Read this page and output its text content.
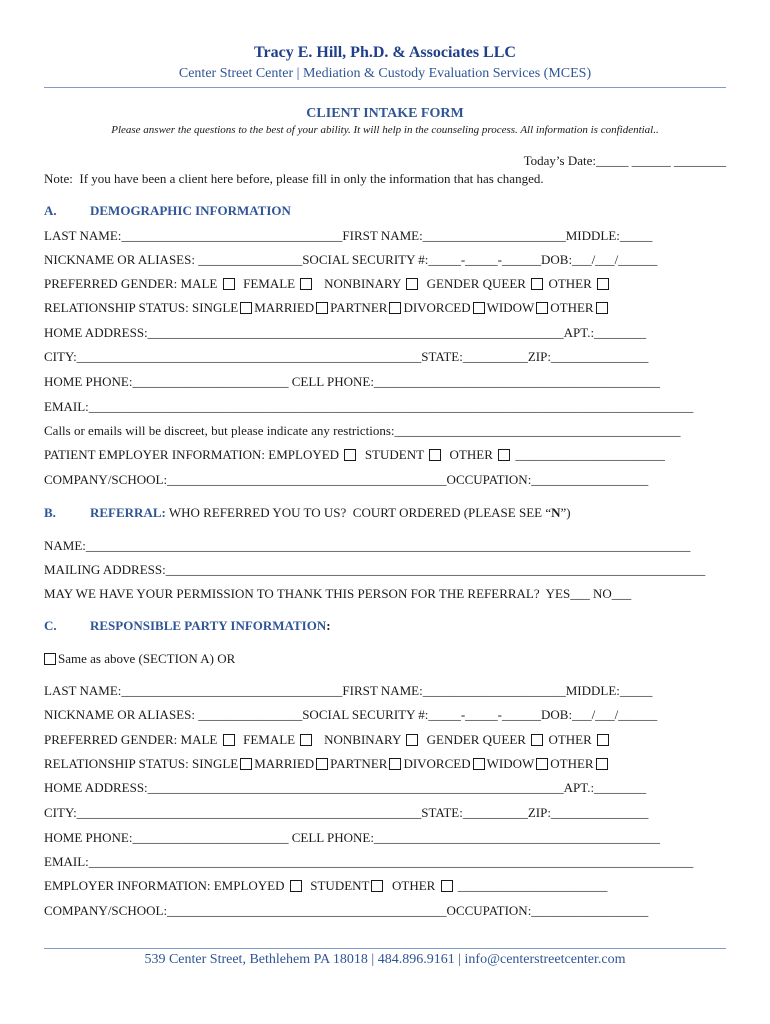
Tracy E. Hill, Ph.D. & Associates LLC
Center Street Center | Mediation & Custody Evaluation Services (MCES)
CLIENT INTAKE FORM
Please answer the questions to the best of your ability. It will help in the counseling process. All information is confidential..
Today’s Date:_____ ______ ________
Note:  If you have been a client here before, please fill in only the information that has changed.
A.	DEMOGRAPHIC INFORMATION
LAST NAME:__________________________________FIRST NAME:______________________MIDDLE:_____
NICKNAME OR ALIASES: ________________SOCIAL SECURITY #:_____-_____-______DOB:___/___/______
PREFERRED GENDER: MALE FEMALE NONBINARY GENDER QUEER OTHER
RELATIONSHIP STATUS: SINGLE MARRIED PARTNER DIVORCED WIDOW OTHER
HOME ADDRESS:________________________________________________________________APT.:________
CITY:_____________________________________________________STATE:__________ZIP:_______________
HOME PHONE:________________________ CELL PHONE:____________________________________________
EMAIL:_____________________________________________________________________________________________
Calls or emails will be discreet, but please indicate any restrictions:____________________________________________
PATIENT EMPLOYER INFORMATION: EMPLOYED STUDENT OTHER _______________________
COMPANY/SCHOOL:___________________________________________OCCUPATION:__________________
B.	REFERRAL: WHO REFERRED YOU TO US?  COURT ORDERED (PLEASE SEE “N”)
NAME:_____________________________________________________________________________________________
MAILING ADDRESS:___________________________________________________________________________________
MAY WE HAVE YOUR PERMISSION TO THANK THIS PERSON FOR THE REFERRAL?  YES___ NO___
C.	RESPONSIBLE PARTY INFORMATION:
Same as above (SECTION A) OR
LAST NAME:__________________________________FIRST NAME:______________________MIDDLE:_____
NICKNAME OR ALIASES: ________________SOCIAL SECURITY #:_____-_____-______DOB:___/___/______
PREFERRED GENDER: MALE FEMALE NONBINARY GENDER QUEER OTHER
RELATIONSHIP STATUS: SINGLE MARRIED PARTNER DIVORCED WIDOW OTHER
HOME ADDRESS:________________________________________________________________APT.:________
CITY:_____________________________________________________STATE:__________ZIP:_______________
HOME PHONE:________________________ CELL PHONE:____________________________________________
EMAIL:_____________________________________________________________________________________________
EMPLOYER INFORMATION: EMPLOYED STUDENT OTHER _______________________
COMPANY/SCHOOL:___________________________________________OCCUPATION:__________________
539 Center Street, Bethlehem PA 18018 | 484.896.9161 | info@centerstreetcenter.com
